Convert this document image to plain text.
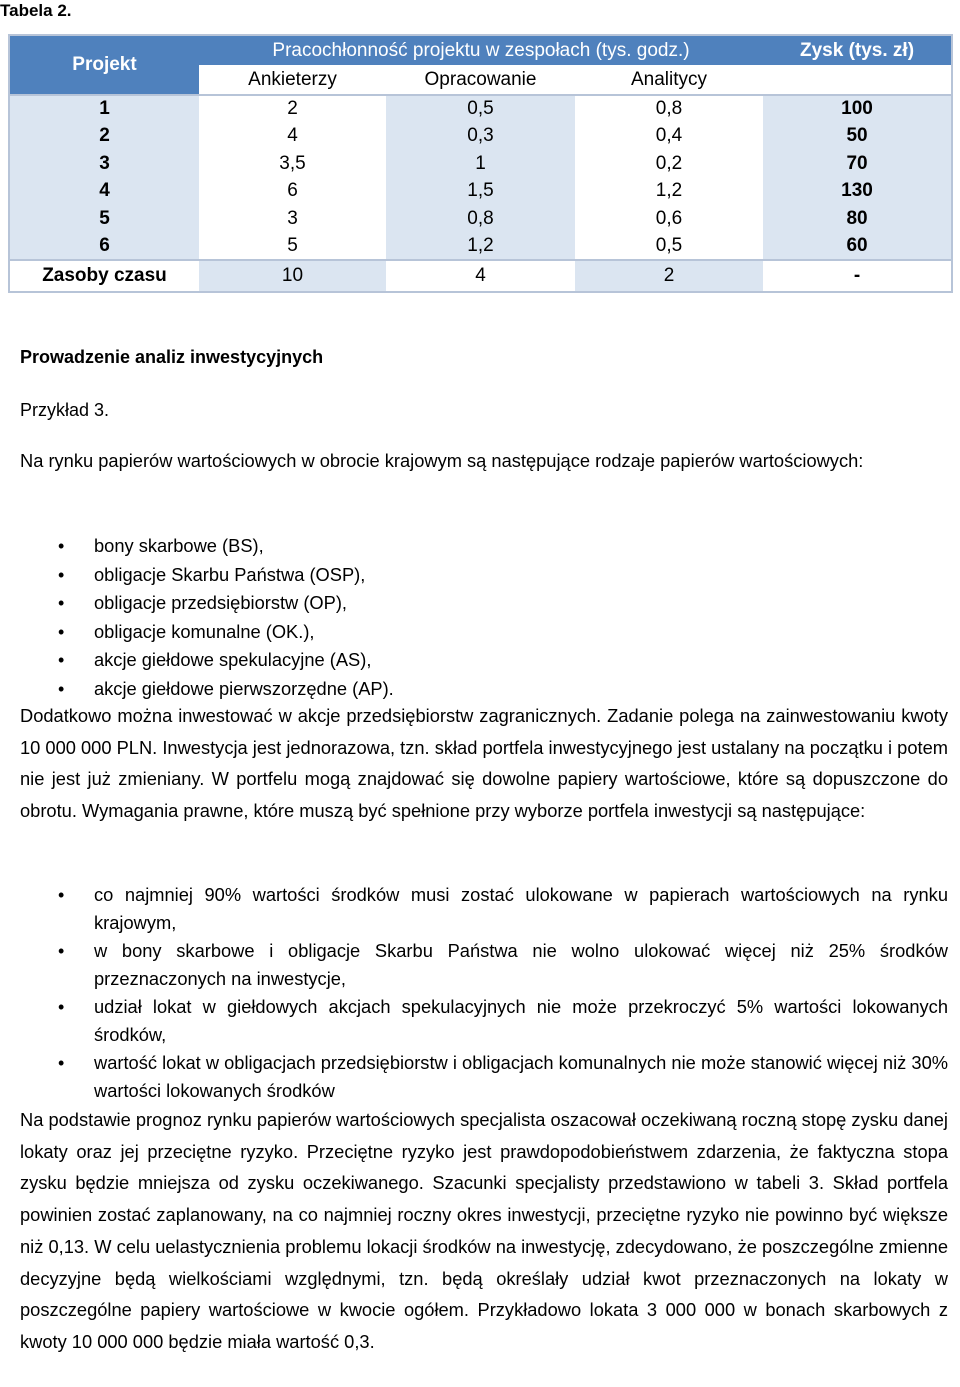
Tabela 2.
Projekt	Pracochłonność projektu w zespołach (tys. godz.)			Zysk (tys. zł)
	Ankieterzy	Opracowanie	Analitycy	
1	2	0,5	0,8	100
2	4	0,3	0,4	50
3	3,5	1	0,2	70
4	6	1,5	1,2	130
5	3	0,8	0,6	80
6	5	1,2	0,5	60
Zasoby czasu	10	4	2	-
Prowadzenie analiz inwestycyjnych
Przykład 3.
Na rynku papierów wartościowych w obrocie krajowym są następujące rodzaje papierów wartościowych:
• bony skarbowe (BS),
• obligacje Skarbu Państwa (OSP),
• obligacje przedsiębiorstw (OP),
• obligacje komunalne (OK.),
• akcje giełdowe spekulacyjne (AS),
• akcje giełdowe pierwszorzędne (AP).
Dodatkowo można inwestować w akcje przedsiębiorstw zagranicznych. Zadanie polega na zainwestowaniu kwoty 10 000 000 PLN. Inwestycja jest jednorazowa, tzn. skład portfela inwestycyjnego jest ustalany na początku i potem nie jest już zmieniany. W portfelu mogą znajdować się dowolne papiery wartościowe, które są dopuszczone do obrotu. Wymagania prawne, które muszą być spełnione przy wyborze portfela inwestycji są następujące:
• co najmniej 90% wartości środków musi zostać ulokowane w papierach wartościowych na rynku krajowym,
• w bony skarbowe i obligacje Skarbu Państwa nie wolno ulokować więcej niż 25% środków przeznaczonych na inwestycje,
• udział lokat w giełdowych akcjach spekulacyjnych nie może przekroczyć 5% wartości lokowanych środków,
• wartość lokat w obligacjach przedsiębiorstw i obligacjach komunalnych nie może stanowić więcej niż 30% wartości lokowanych środków
Na podstawie prognoz rynku papierów wartościowych specjalista oszacował oczekiwaną roczną stopę zysku danej lokaty oraz jej przeciętne ryzyko. Przeciętne ryzyko jest prawdopodobieństwem zdarzenia, że faktyczna stopa zysku będzie mniejsza od zysku oczekiwanego. Szacunki specjalisty przedstawiono w tabeli 3. Skład portfela powinien zostać zaplanowany, na co najmniej roczny okres inwestycji, przeciętne ryzyko nie powinno być większe niż 0,13. W celu uelastycznienia problemu lokacji środków na inwestycję, zdecydowano, że poszczególne zmienne decyzyjne będą wielkościami względnymi, tzn. będą określały udział kwot przeznaczonych na lokaty w poszczególne papiery wartościowe w kwocie ogółem. Przykładowo lokata 3 000 000 w bonach skarbowych z kwoty 10 000 000 będzie miała wartość 0,3.
